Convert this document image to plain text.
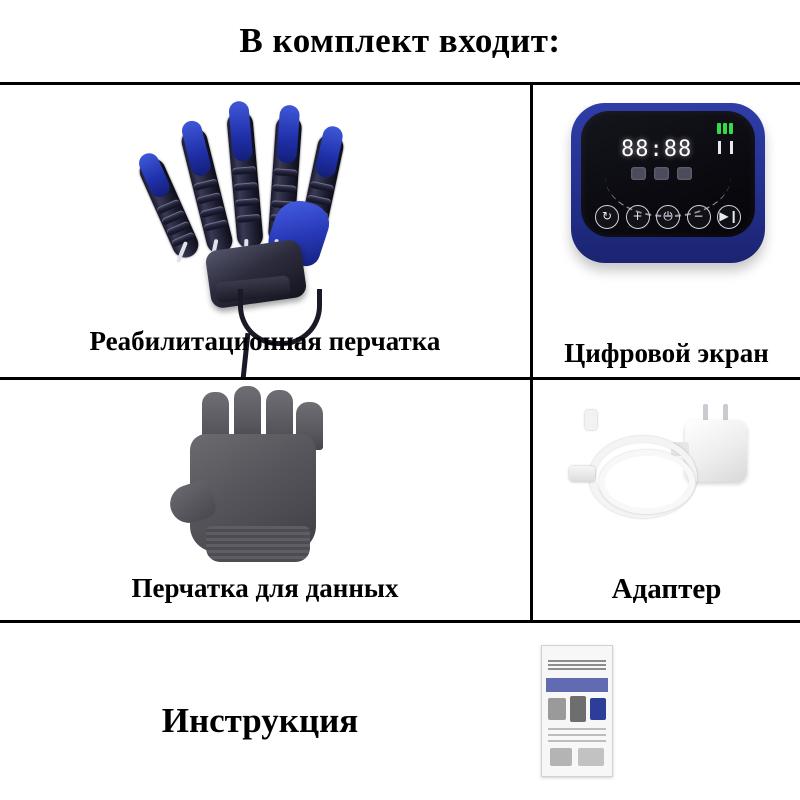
В комплект входит:
Реабилитационная перчатка
88:88
↻	+	⏻	−	▶❙
Цифровой экран
Перчатка для данных	Адаптер
Инструкция
